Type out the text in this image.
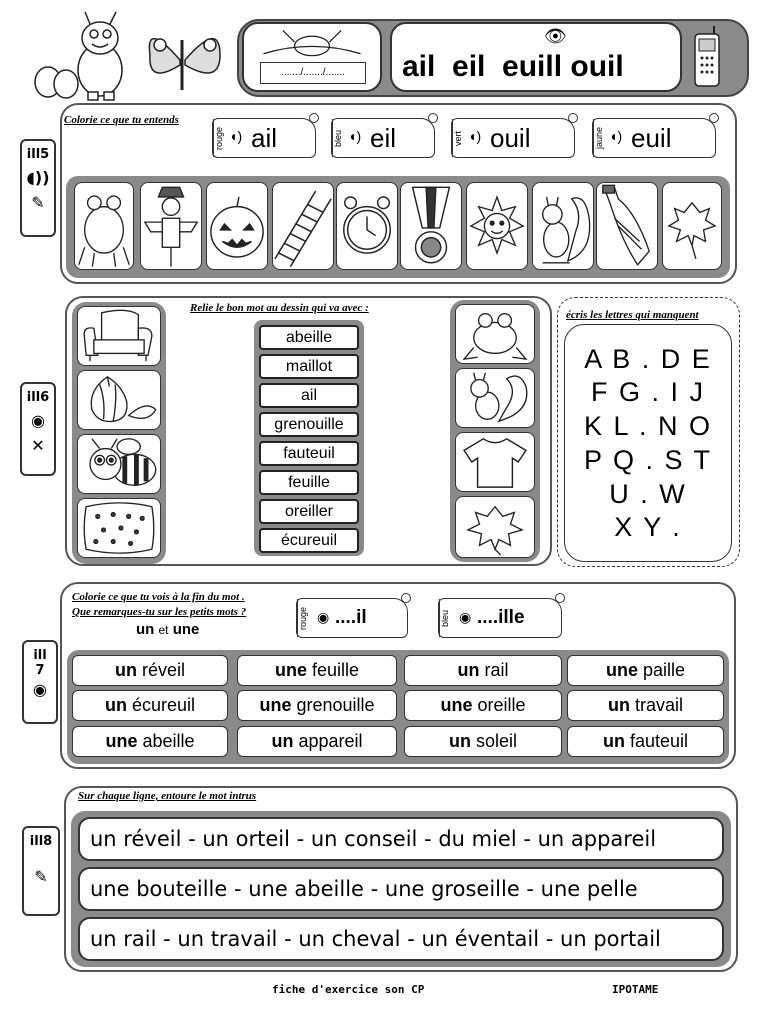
......./......./.......
👁
ail  eil  euill ouil
ill5
◖))
✎
Colorie ce que tu entends
rouge ◖) ail	bleu ◖) eil	vert ◖) ouil	jaune ◖) euil
ill6
◉
✕
Relie le bon mot au dessin qui va avec :
abeille
maillot
ail
grenouille
fauteuil
feuille
oreiller
écureuil
écris les lettres qui manquent
A B . D E
F G . I J
K L . N O
P Q . S T
U . W
X Y .
ill
7
◉
Colorie ce que tu vois à la fin du mot .
Que remarques-tu sur les petits mots ?
un et une	rouge ◉ ....il	bleu ◉ ....ille
un réveil	une feuille	un rail	une paille
un écureuil	une grenouille	une oreille	un travail
une abeille	un appareil	un soleil	un fauteuil
ill8
✎
Sur chaque ligne, entoure le mot intrus
un réveil - un orteil - un conseil - du miel - un appareil
une bouteille - une abeille - une groseille - une pelle
un rail - un travail - un cheval - un éventail - un portail
fiche d'exercice son CP	IPOTAME
